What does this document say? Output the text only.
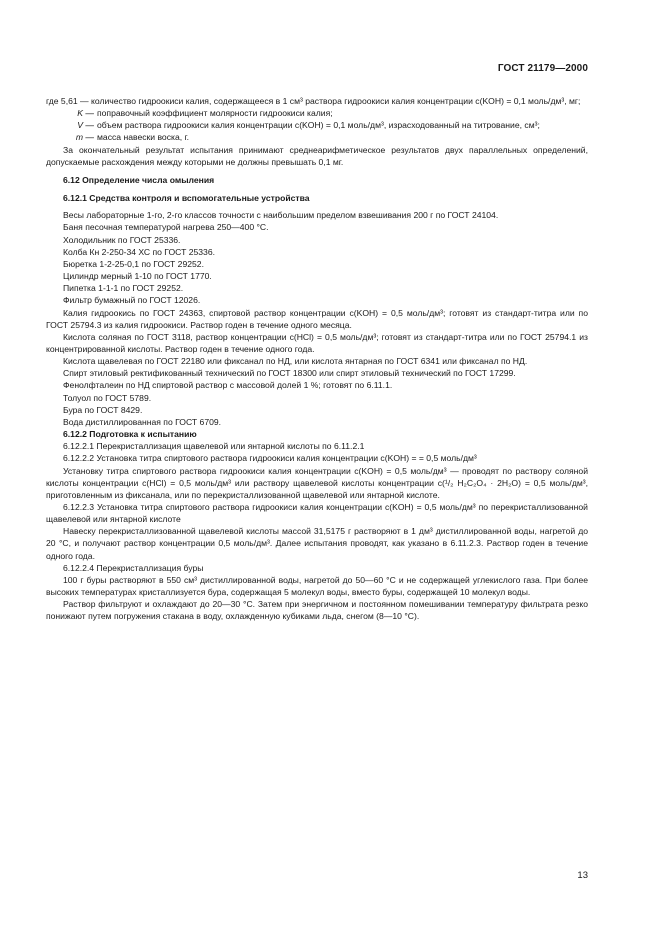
ГОСТ 21179—2000

где 5,61 — количество гидроокиси калия, содержащееся в 1 см³ раствора гидроокиси калия концентрации c(KOH) = 0,1 моль/дм³, мг;

K — поправочный коэффициент молярности гидроокиси калия;
V — объем раствора гидроокиси калия концентрации c(KOH) = 0,1 моль/дм³, израсходованный на титрование, см³;
m — масса навески воска, г.

За окончательный результат испытания принимают среднеарифметическое результатов двух параллельных определений, допускаемые расхождения между которыми не должны превышать 0,1 мг.

6.12 Определение числа омыления

6.12.1 Средства контроля и вспомогательные устройства

Весы лабораторные 1-го, 2-го классов точности с наибольшим пределом взвешивания 200 г по ГОСТ 24104.

Баня песочная температурой нагрева 250—400 °С.

Холодильник по ГОСТ 25336.

Колба Кн 2-250-34 ХС по ГОСТ 25336.

Бюретка 1-2-25-0,1 по ГОСТ 29252.

Цилиндр мерный 1-10 по ГОСТ 1770.

Пипетка 1-1-1 по ГОСТ 29252.

Фильтр бумажный по ГОСТ 12026.

Калия гидроокись по ГОСТ 24363, спиртовой раствор концентрации c(KOH) = 0,5 моль/дм³; готовят из стандарт-титра или по ГОСТ 25794.3 из калия гидроокиси. Раствор годен в течение одного месяца.

Кислота соляная по ГОСТ 3118, раствор концентрации c(HCl) = 0,5 моль/дм³; готовят из стандарт-титра или по ГОСТ 25794.1 из концентрированной кислоты. Раствор годен в течение одного года.

Кислота щавелевая по ГОСТ 22180 или фиксанал по НД, или кислота янтарная по ГОСТ 6341 или фиксанал по НД.

Спирт этиловый ректификованный технический по ГОСТ 18300 или спирт этиловый технический по ГОСТ 17299.

Фенолфталеин по НД спиртовой раствор с массовой долей 1 %; готовят по 6.11.1.

Толуол по ГОСТ 5789.

Бура по ГОСТ 8429.

Вода дистиллированная по ГОСТ 6709.

6.12.2 Подготовка к испытанию

6.12.2.1 Перекристаллизация щавелевой или янтарной кислоты по 6.11.2.1

6.12.2.2 Установка титра спиртового раствора гидроокиси калия концентрации c(KOH) = = 0,5 моль/дм³

Установку титра спиртового раствора гидроокиси калия концентрации c(KOH) = 0,5 моль/дм³ — проводят по раствору соляной кислоты концентрации c(HCl) = 0,5 моль/дм³ или раствору щавелевой кислоты концентрации c(¹/₂ H₂C₂O₄ · 2H₂O) = 0,5 моль/дм³, приготовленным из фиксанала, или по перекристаллизованной щавелевой или янтарной кислоте.

6.12.2.3 Установка титра спиртового раствора гидроокиси калия концентрации c(KOH) = 0,5 моль/дм³ по перекристаллизованной щавелевой или янтарной кислоте

Навеску перекристаллизованной щавелевой кислоты массой 31,5175 г растворяют в 1 дм³ дистиллированной воды, нагретой до 20 °С, и получают раствор концентрации 0,5 моль/дм³. Далее испытания проводят, как указано в 6.11.2.3. Раствор годен в течение одного года.

6.12.2.4 Перекристаллизация буры

100 г буры растворяют в 550 см³ дистиллированной воды, нагретой до 50—60 °С и не содержащей углекислого газа. При более высоких температурах кристаллизуется бура, содержащая 5 молекул воды, вместо буры, содержащей 10 молекул воды.

Раствор фильтруют и охлаждают до 20—30 °С. Затем при энергичном и постоянном помешивании температуру фильтрата резко понижают путем погружения стакана в воду, охлажденную кубиками льда, снегом (8—10 °С).

13
